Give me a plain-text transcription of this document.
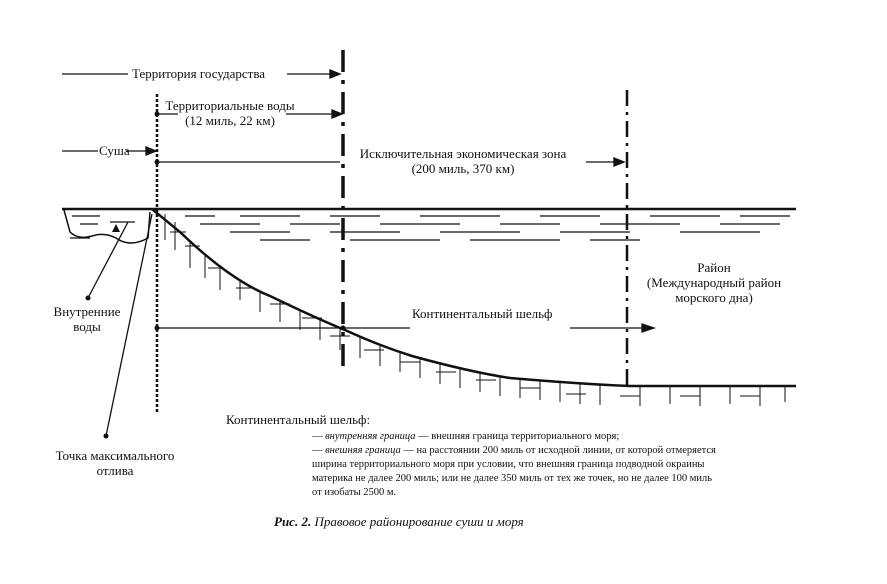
Территория государства
Территориальные воды
(12 миль, 22 км)
Суша	Исключительная экономическая зона
(200 миль, 370 км)
Район
(Международный район
морского дна)
Внутренние
воды
Континентальный шельф
Точка максимального
отлива
Континентальный шельф:
— внутренняя граница — внешняя граница территориального моря;
— внешняя граница — на расстоянии 200 миль от исходной линии, от которой отмеряется
ширина территориального моря при условии, что внешняя граница подводной окраины
материка не далее 200 миль; или не далее 350 миль от тех же точек, но не далее 100 миль
от изобаты 2500 м.
Рис. 2. Правовое районирование суши и моря
